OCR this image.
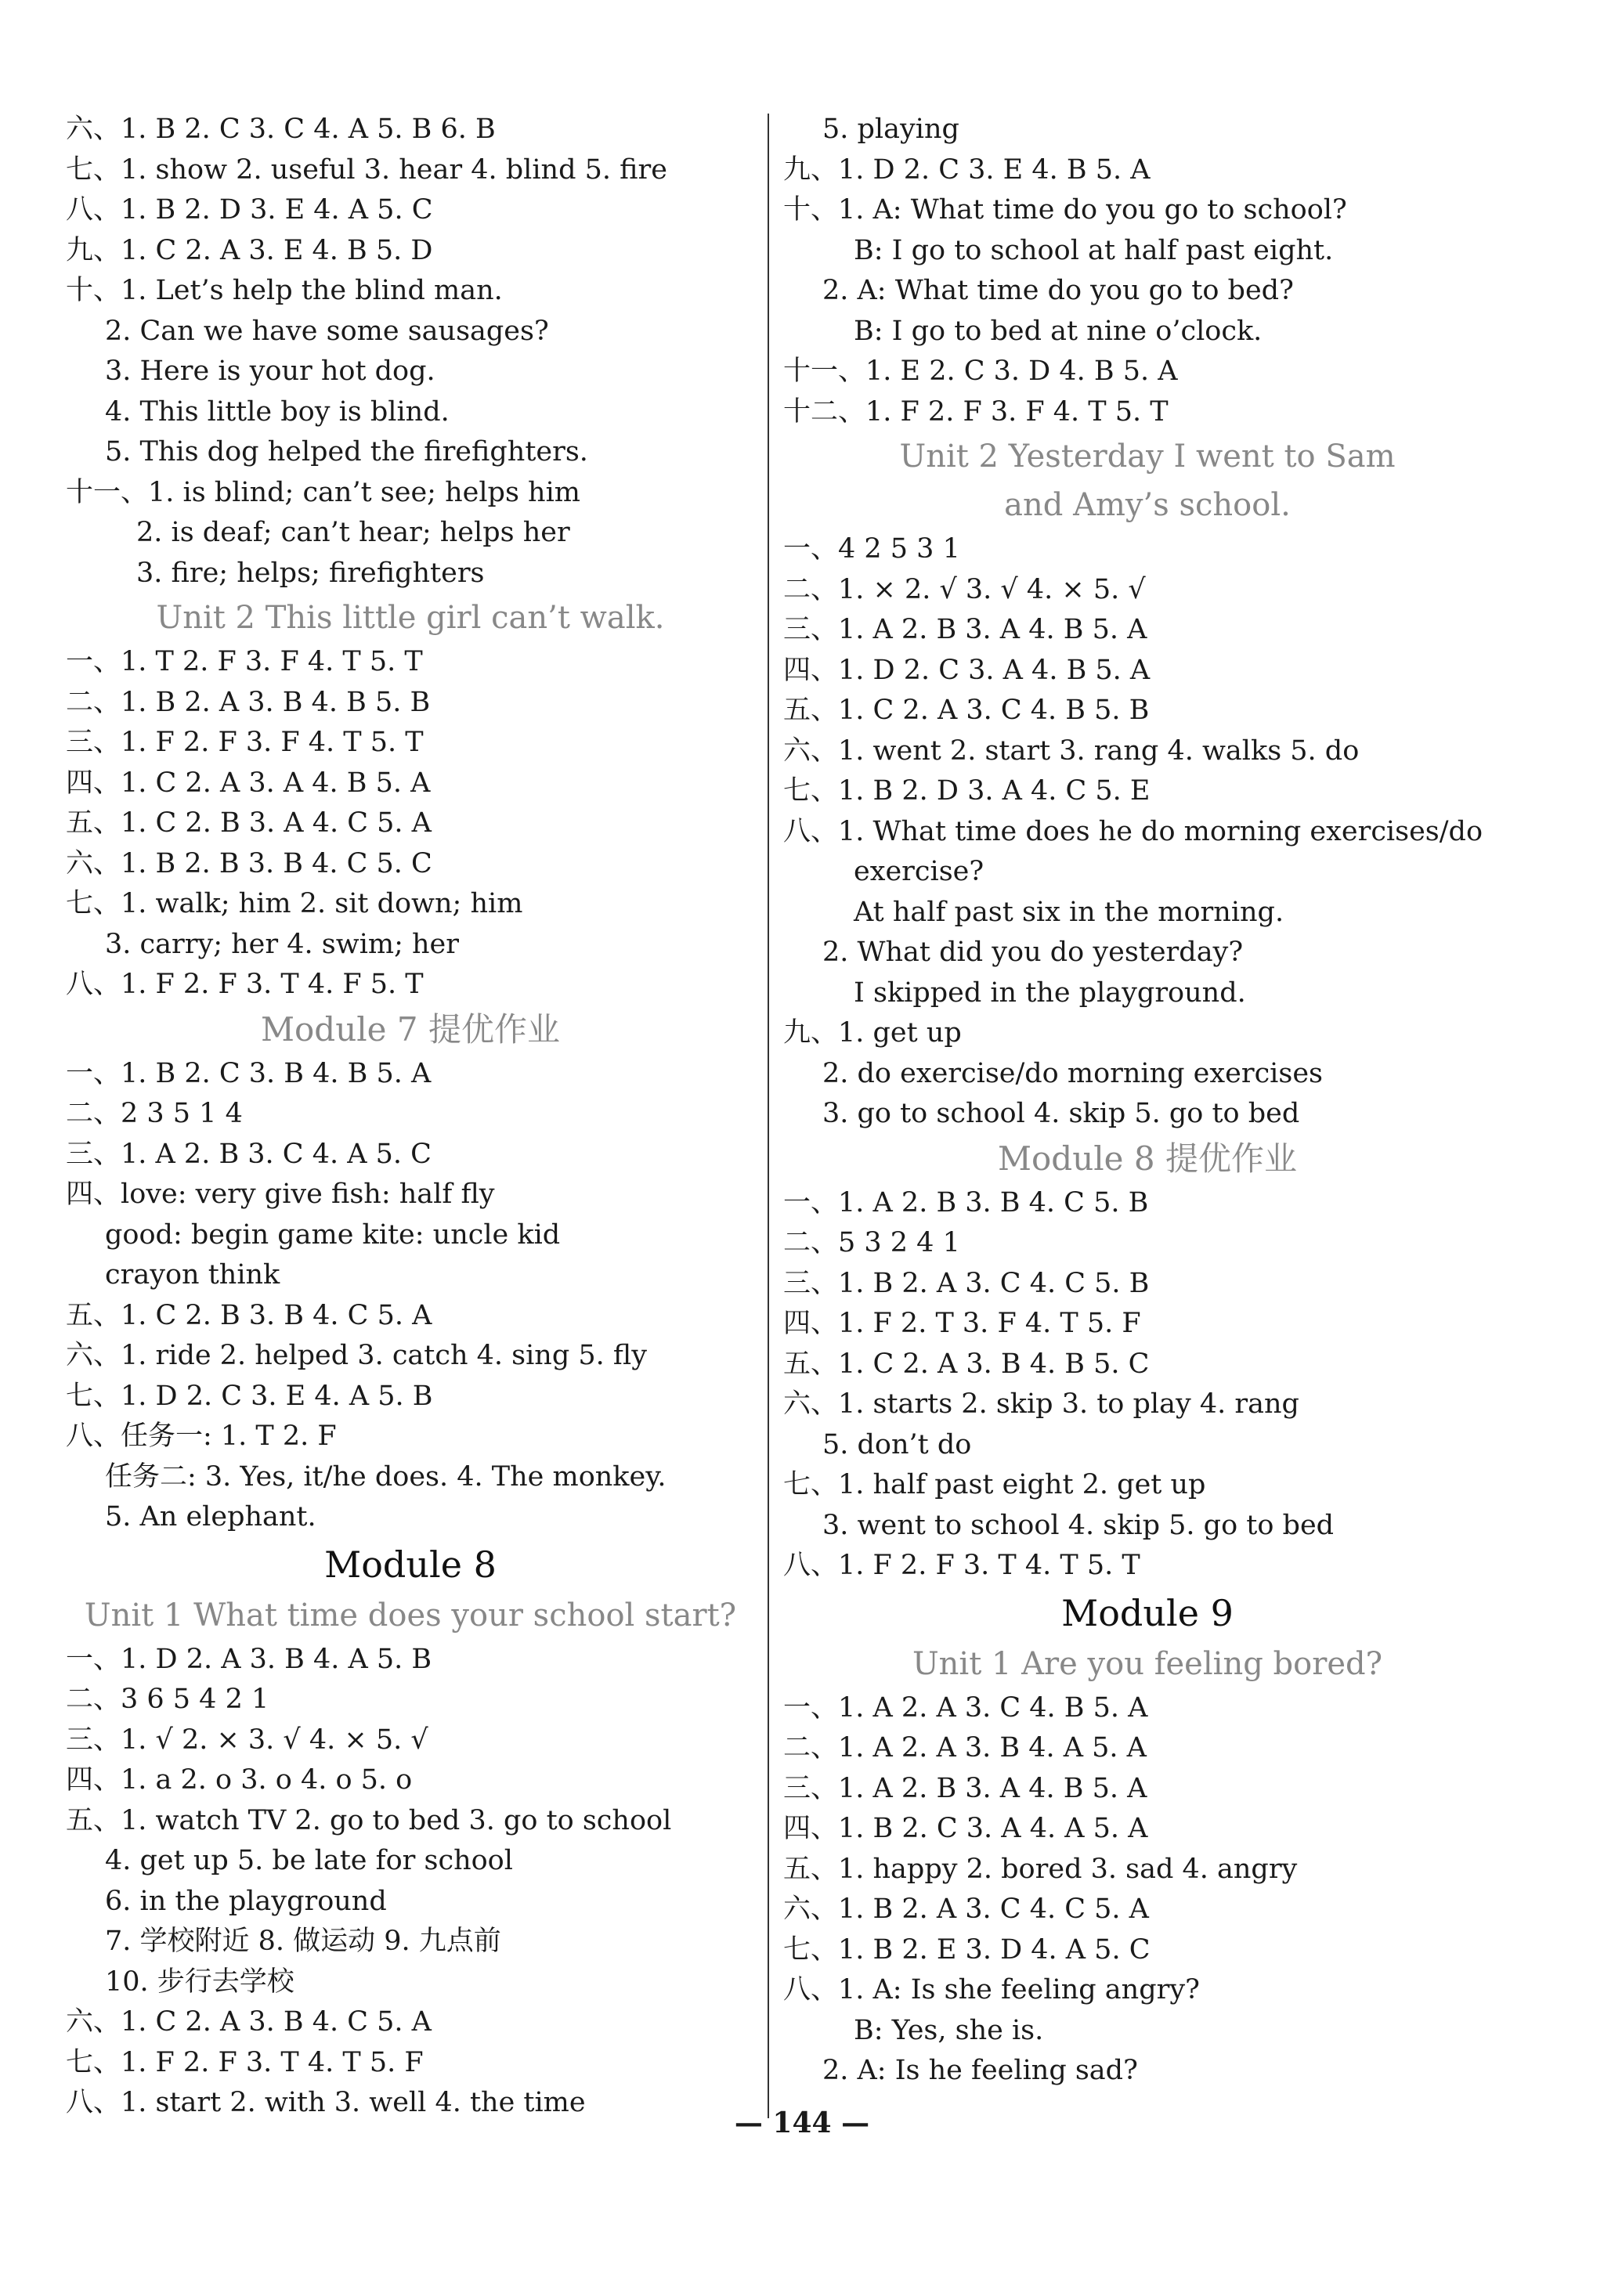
六、1. B 2. C 3. C 4. A 5. B 6. B
七、1. show 2. useful 3. hear 4. blind 5. fire
八、1. B 2. D 3. E 4. A 5. C
九、1. C 2. A 3. E 4. B 5. D
十、1. Let’s help the blind man.
2. Can we have some sausages?
3. Here is your hot dog.
4. This little boy is blind.
5. This dog helped the firefighters.
十一、1. is blind; can’t see; helps him
2. is deaf; can’t hear; helps her
3. fire; helps; firefighters
Unit 2 This little girl can’t walk.
一、1. T 2. F 3. F 4. T 5. T
二、1. B 2. A 3. B 4. B 5. B
三、1. F 2. F 3. F 4. T 5. T
四、1. C 2. A 3. A 4. B 5. A
五、1. C 2. B 3. A 4. C 5. A
六、1. B 2. B 3. B 4. C 5. C
七、1. walk; him 2. sit down; him
3. carry; her 4. swim; her
八、1. F 2. F 3. T 4. F 5. T
Module 7 提优作业
一、1. B 2. C 3. B 4. B 5. A
二、2 3 5 1 4
三、1. A 2. B 3. C 4. A 5. C
四、love: very give fish: half fly
good: begin game kite: uncle kid
crayon think
五、1. C 2. B 3. B 4. C 5. A
六、1. ride 2. helped 3. catch 4. sing 5. fly
七、1. D 2. C 3. E 4. A 5. B
八、任务一: 1. T 2. F
任务二: 3. Yes, it/he does. 4. The monkey.
5. An elephant.
Module 8
Unit 1 What time does your school start?
一、1. D 2. A 3. B 4. A 5. B
二、3 6 5 4 2 1
三、1. √ 2. × 3. √ 4. × 5. √
四、1. a 2. o 3. o 4. o 5. o
五、1. watch TV 2. go to bed 3. go to school
4. get up 5. be late for school
6. in the playground
7. 学校附近 8. 做运动 9. 九点前
10. 步行去学校
六、1. C 2. A 3. B 4. C 5. A
七、1. F 2. F 3. T 4. T 5. F
八、1. start 2. with 3. well 4. the time
5. playing
九、1. D 2. C 3. E 4. B 5. A
十、1. A: What time do you go to school?
B: I go to school at half past eight.
2. A: What time do you go to bed?
B: I go to bed at nine o’clock.
十一、1. E 2. C 3. D 4. B 5. A
十二、1. F 2. F 3. F 4. T 5. T
Unit 2 Yesterday I went to Sam
and Amy’s school.
一、4 2 5 3 1
二、1. × 2. √ 3. √ 4. × 5. √
三、1. A 2. B 3. A 4. B 5. A
四、1. D 2. C 3. A 4. B 5. A
五、1. C 2. A 3. C 4. B 5. B
六、1. went 2. start 3. rang 4. walks 5. do
七、1. B 2. D 3. A 4. C 5. E
八、1. What time does he do morning exercises/do
exercise?
At half past six in the morning.
2. What did you do yesterday?
I skipped in the playground.
九、1. get up
2. do exercise/do morning exercises
3. go to school 4. skip 5. go to bed
Module 8 提优作业
一、1. A 2. B 3. B 4. C 5. B
二、5 3 2 4 1
三、1. B 2. A 3. C 4. C 5. B
四、1. F 2. T 3. F 4. T 5. F
五、1. C 2. A 3. B 4. B 5. C
六、1. starts 2. skip 3. to play 4. rang
5. don’t do
七、1. half past eight 2. get up
3. went to school 4. skip 5. go to bed
八、1. F 2. F 3. T 4. T 5. T
Module 9
Unit 1 Are you feeling bored?
一、1. A 2. A 3. C 4. B 5. A
二、1. A 2. A 3. B 4. A 5. A
三、1. A 2. B 3. A 4. B 5. A
四、1. B 2. C 3. A 4. A 5. A
五、1. happy 2. bored 3. sad 4. angry
六、1. B 2. A 3. C 4. C 5. A
七、1. B 2. E 3. D 4. A 5. C
八、1. A: Is she feeling angry?
B: Yes, she is.
2. A: Is he feeling sad?
— 144 —
